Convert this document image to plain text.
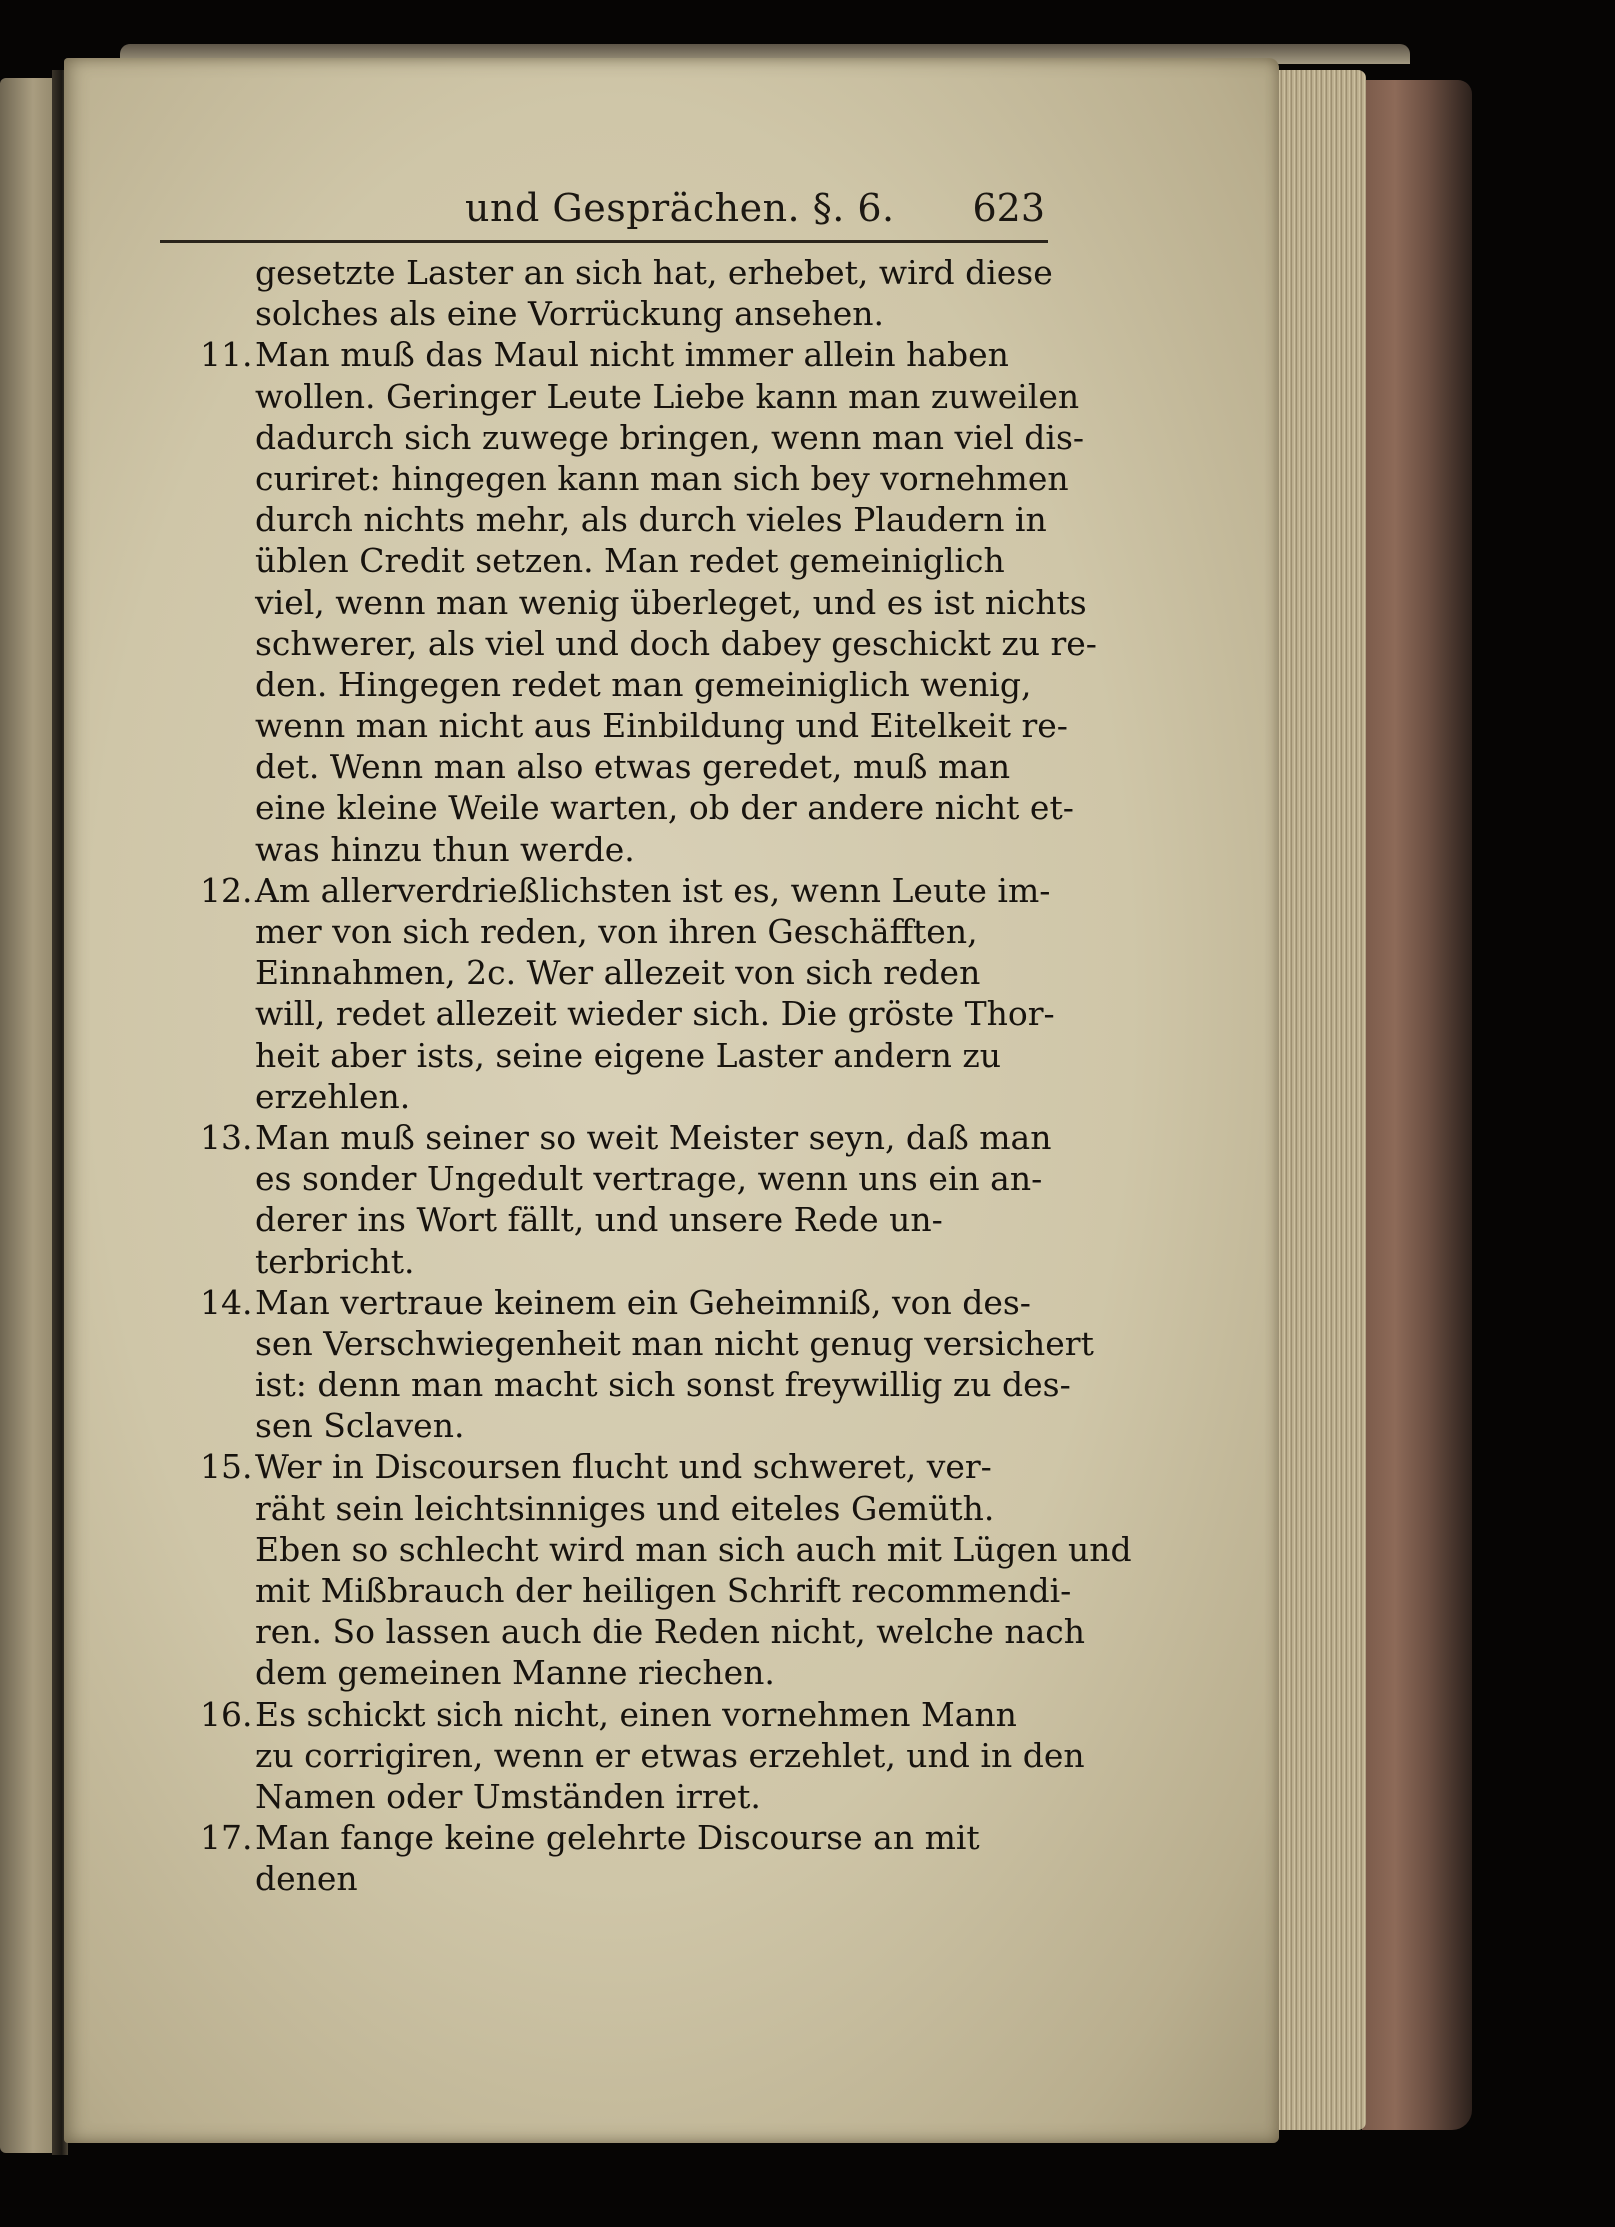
und Gesprächen. §. 6. 623
gesetzte Laster an sich hat, erhebet, wird diese
solches als eine Vorrückung ansehen.
11.Man muß das Maul nicht immer allein haben
wollen. Geringer Leute Liebe kann man zuweilen
dadurch sich zuwege bringen, wenn man viel dis-
curiret: hingegen kann man sich bey vornehmen
durch nichts mehr, als durch vieles Plaudern in
üblen Credit setzen. Man redet gemeiniglich
viel, wenn man wenig überleget, und es ist nichts
schwerer, als viel und doch dabey geschickt zu re-
den. Hingegen redet man gemeiniglich wenig,
wenn man nicht aus Einbildung und Eitelkeit re-
det. Wenn man also etwas geredet, muß man
eine kleine Weile warten, ob der andere nicht et-
was hinzu thun werde.
12.Am allerverdrießlichsten ist es, wenn Leute im-
mer von sich reden, von ihren Geschäfften,
Einnahmen, 2c. Wer allezeit von sich reden
will, redet allezeit wieder sich. Die gröste Thor-
heit aber ists, seine eigene Laster andern zu
erzehlen.
13.Man muß seiner so weit Meister seyn, daß man
es sonder Ungedult vertrage, wenn uns ein an-
derer ins Wort fällt, und unsere Rede un-
terbricht.
14.Man vertraue keinem ein Geheimniß, von des-
sen Verschwiegenheit man nicht genug versichert
ist: denn man macht sich sonst freywillig zu des-
sen Sclaven.
15.Wer in Discoursen flucht und schweret, ver-
räht sein leichtsinniges und eiteles Gemüth.
Eben so schlecht wird man sich auch mit Lügen und
mit Mißbrauch der heiligen Schrift recommendi-
ren. So lassen auch die Reden nicht, welche nach
dem gemeinen Manne riechen.
16.Es schickt sich nicht, einen vornehmen Mann
zu corrigiren, wenn er etwas erzehlet, und in den
Namen oder Umständen irret.
17.Man fange keine gelehrte Discourse an mit
denen
